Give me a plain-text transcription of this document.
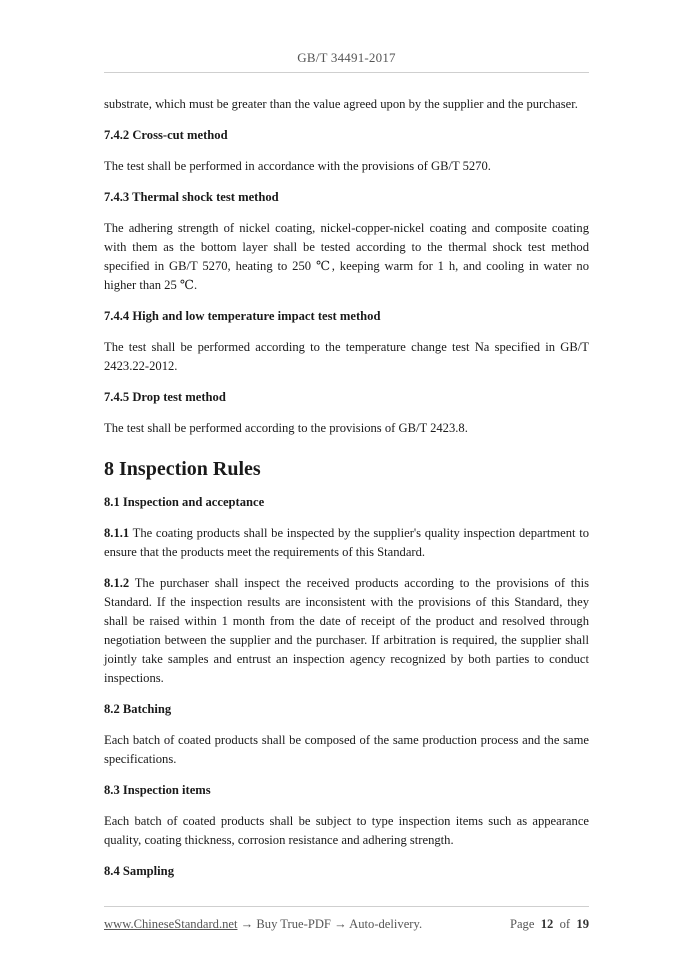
GB/T 34491-2017

substrate, which must be greater than the value agreed upon by the supplier and the purchaser.

7.4.2 Cross-cut method

The test shall be performed in accordance with the provisions of GB/T 5270.

7.4.3 Thermal shock test method

The adhering strength of nickel coating, nickel-copper-nickel coating and composite coating with them as the bottom layer shall be tested according to the thermal shock test method specified in GB/T 5270, heating to 250 ℃, keeping warm for 1 h, and cooling in water no higher than 25 ℃.

7.4.4 High and low temperature impact test method

The test shall be performed according to the temperature change test Na specified in GB/T 2423.22-2012.

7.4.5 Drop test method

The test shall be performed according to the provisions of GB/T 2423.8.

8 Inspection Rules
8.1 Inspection and acceptance

8.1.1 The coating products shall be inspected by the supplier's quality inspection department to ensure that the products meet the requirements of this Standard.

8.1.2 The purchaser shall inspect the received products according to the provisions of this Standard. If the inspection results are inconsistent with the provisions of this Standard, they shall be raised within 1 month from the date of receipt of the product and resolved through negotiation between the supplier and the purchaser. If arbitration is required, the supplier shall jointly take samples and entrust an inspection agency recognized by both parties to conduct inspections.

8.2 Batching

Each batch of coated products shall be composed of the same production process and the same specifications.

8.3 Inspection items

Each batch of coated products shall be subject to type inspection items such as appearance quality, coating thickness, corrosion resistance and adhering strength.

8.4 Sampling
www.ChineseStandard.net → Buy True-PDF → Auto-delivery.	Page 12 of 19
